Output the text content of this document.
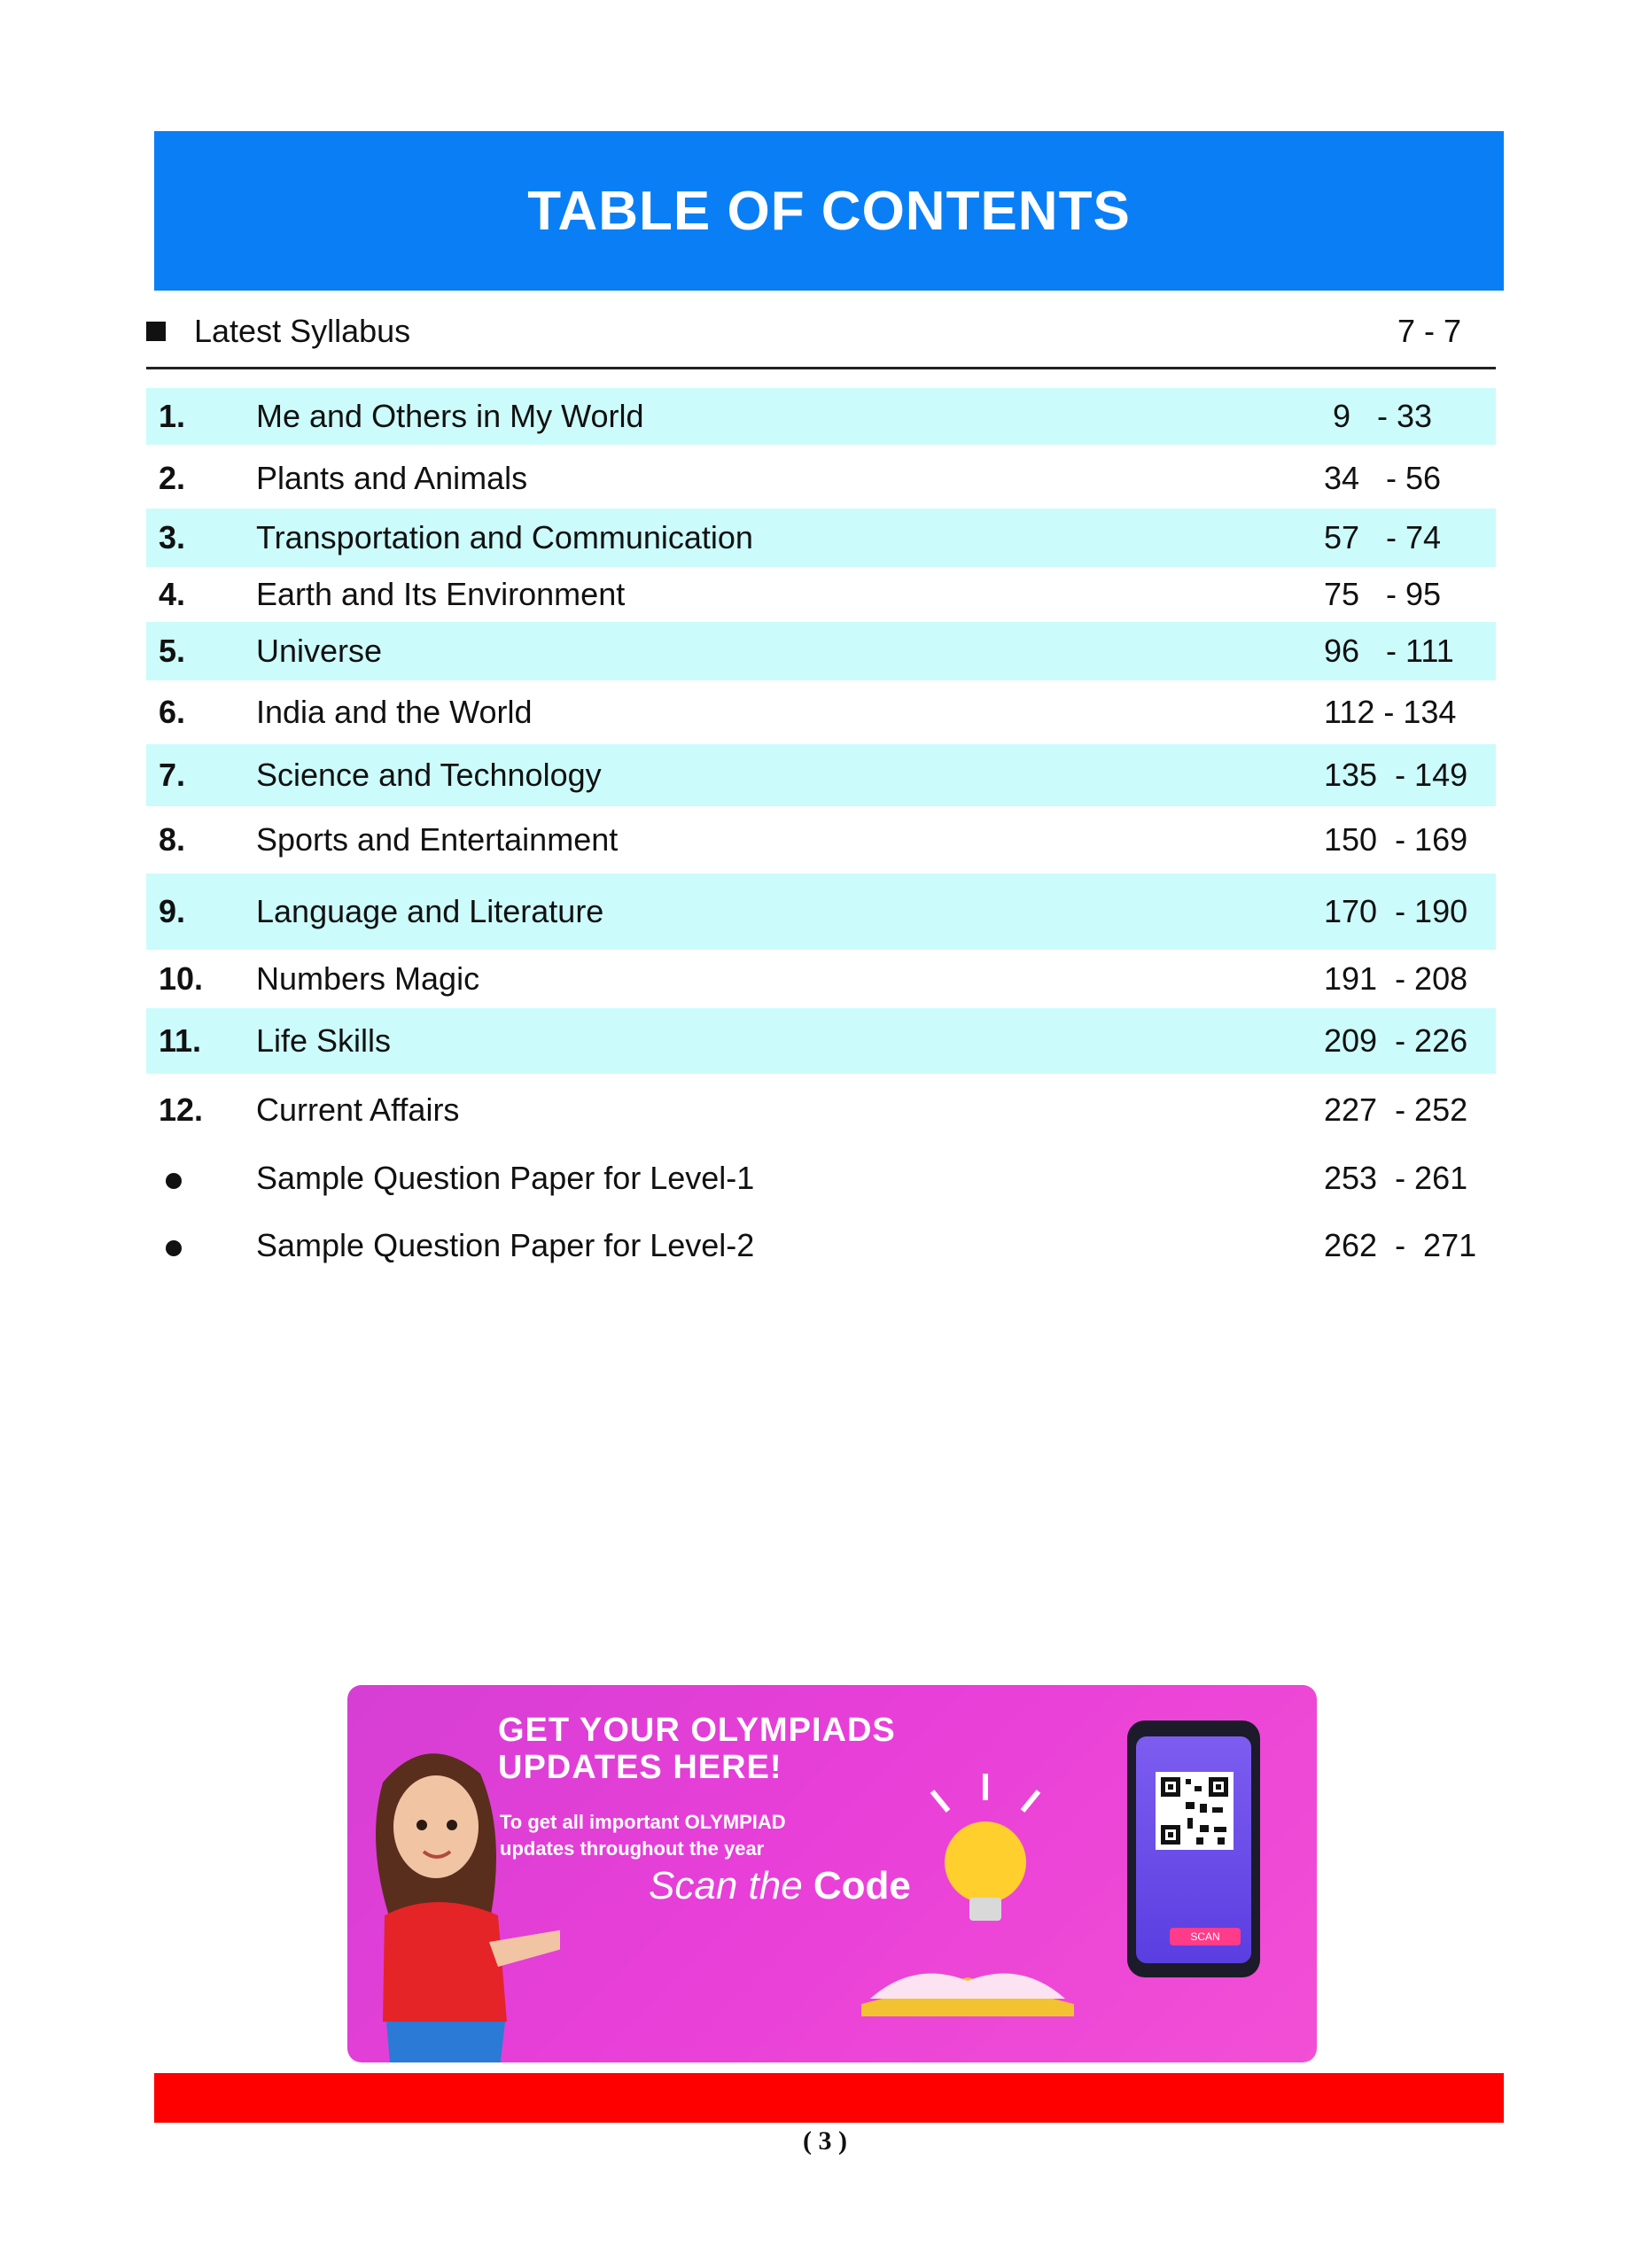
TABLE OF CONTENTS
Latest Syllabus	7 - 7
1.	Me and Others in My World	9   - 33
2.	Plants and Animals	34   - 56
3.	Transportation and Communication	57   - 74
4.	Earth and Its Environment	75   - 95
5.	Universe	96   - 111
6.	India and the World	112 - 134
7.	Science and Technology	135  - 149
8.	Sports and Entertainment	150  - 169
9.	Language and Literature	170  - 190
10.	Numbers Magic	191  - 208
11.	Life Skills	209  - 226
12.	Current Affairs	227  - 252
Sample Question Paper for Level-1	253  - 261
Sample Question Paper for Level-2	262  -  271
GET YOUR OLYMPIADS
UPDATES HERE!
To get all important OLYMPIAD
updates throughout the year
Scan the Code
SCAN
( 3 )
